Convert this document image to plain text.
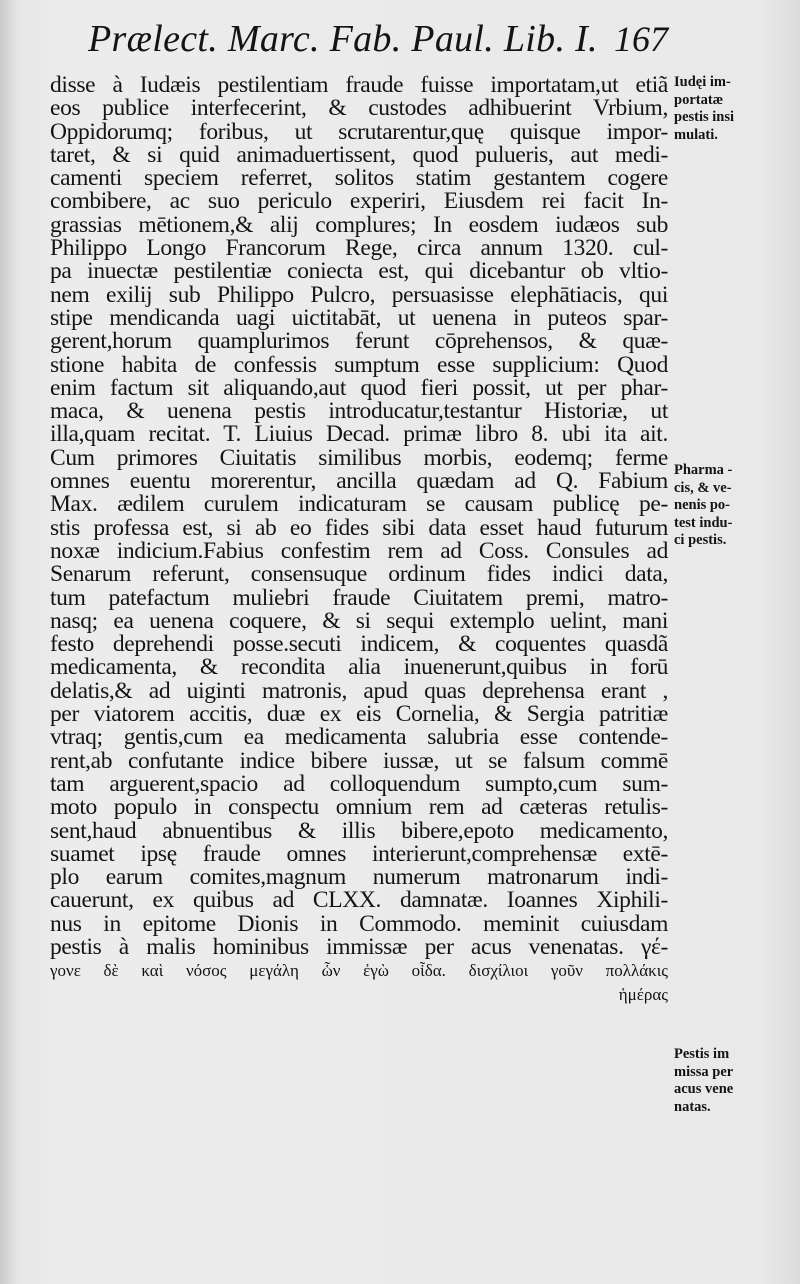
Prælect. Marc. Fab. Paul. Lib. I. 167
disse à Iudæis pestilentiam fraude fuisse importatam,ut etiã
eos publice interfecerint, & custodes adhibuerint Vrbium,
Oppidorumq; foribus, ut scrutarentur,quę quisque impor-
taret, & si quid animaduertissent, quod pulueris, aut medi-
camenti speciem referret, solitos statim gestantem cogere
combibere, ac suo periculo experiri, Eiusdem rei facit In-
grassias mētionem,& alij complures; In eosdem iudæos sub
Philippo Longo Francorum Rege, circa annum 1320. cul-
pa inuectæ pestilentiæ coniecta est, qui dicebantur ob vltio-
nem exilij sub Philippo Pulcro, persuasisse elephātiacis, qui
stipe mendicanda uagi uictitabāt, ut uenena in puteos spar-
gerent,horum quamplurimos ferunt cōprehensos, & quæ-
stione habita de confessis sumptum esse supplicium: Quod
enim factum sit aliquando,aut quod fieri possit, ut per phar-
maca, & uenena pestis introducatur,testantur Historiæ, ut
illa,quam recitat. T. Liuius Decad. primæ libro 8. ubi ita ait.
Cum primores Ciuitatis similibus morbis, eodemq; ferme
omnes euentu morerentur, ancilla quædam ad Q. Fabium
Max. ædilem curulem indicaturam se causam publicę pe-
stis professa est, si ab eo fides sibi data esset haud futurum
noxæ indicium.Fabius confestim rem ad Coss. Consules ad
Senarum referunt, consensuque ordinum fides indici data,
tum patefactum muliebri fraude Ciuitatem premi, matro-
nasq; ea uenena coquere, & si sequi extemplo uelint, mani
festo deprehendi posse.secuti indicem, & coquentes quasdã
medicamenta, & recondita alia inuenerunt,quibus in forū
delatis,& ad uiginti matronis, apud quas deprehensa erant ,
per viatorem accitis, duæ ex eis Cornelia, & Sergia patritiæ
vtraq; gentis,cum ea medicamenta salubria esse contende-
rent,ab confutante indice bibere iussæ, ut se falsum commē
tam arguerent,spacio ad colloquendum sumpto,cum sum-
moto populo in conspectu omnium rem ad cæteras retulis-
sent,haud abnuentibus & illis bibere,epoto medicamento,
suamet ipsę fraude omnes interierunt,comprehensæ extē-
plo earum comites,magnum numerum matronarum indi-
cauerunt, ex quibus ad CLXX. damnatæ. Ioannes Xiphili-
nus in epitome Dionis in Commodo. meminit cuiusdam
pestis à malis hominibus immissæ per acus venenatas. γέ-
γονε δὲ καὶ νόσος μεγάλη ὧν ἐγὼ οἶδα. δισχίλιοι γοῦν πολλάκις
ἡμέρας
Iudęi im-
portatæ
pestis insi
mulati.
Pharma -
cis, & ve-
nenis po-
test indu-
ci pestis.
Pestis im
missa per
acus vene
natas.
